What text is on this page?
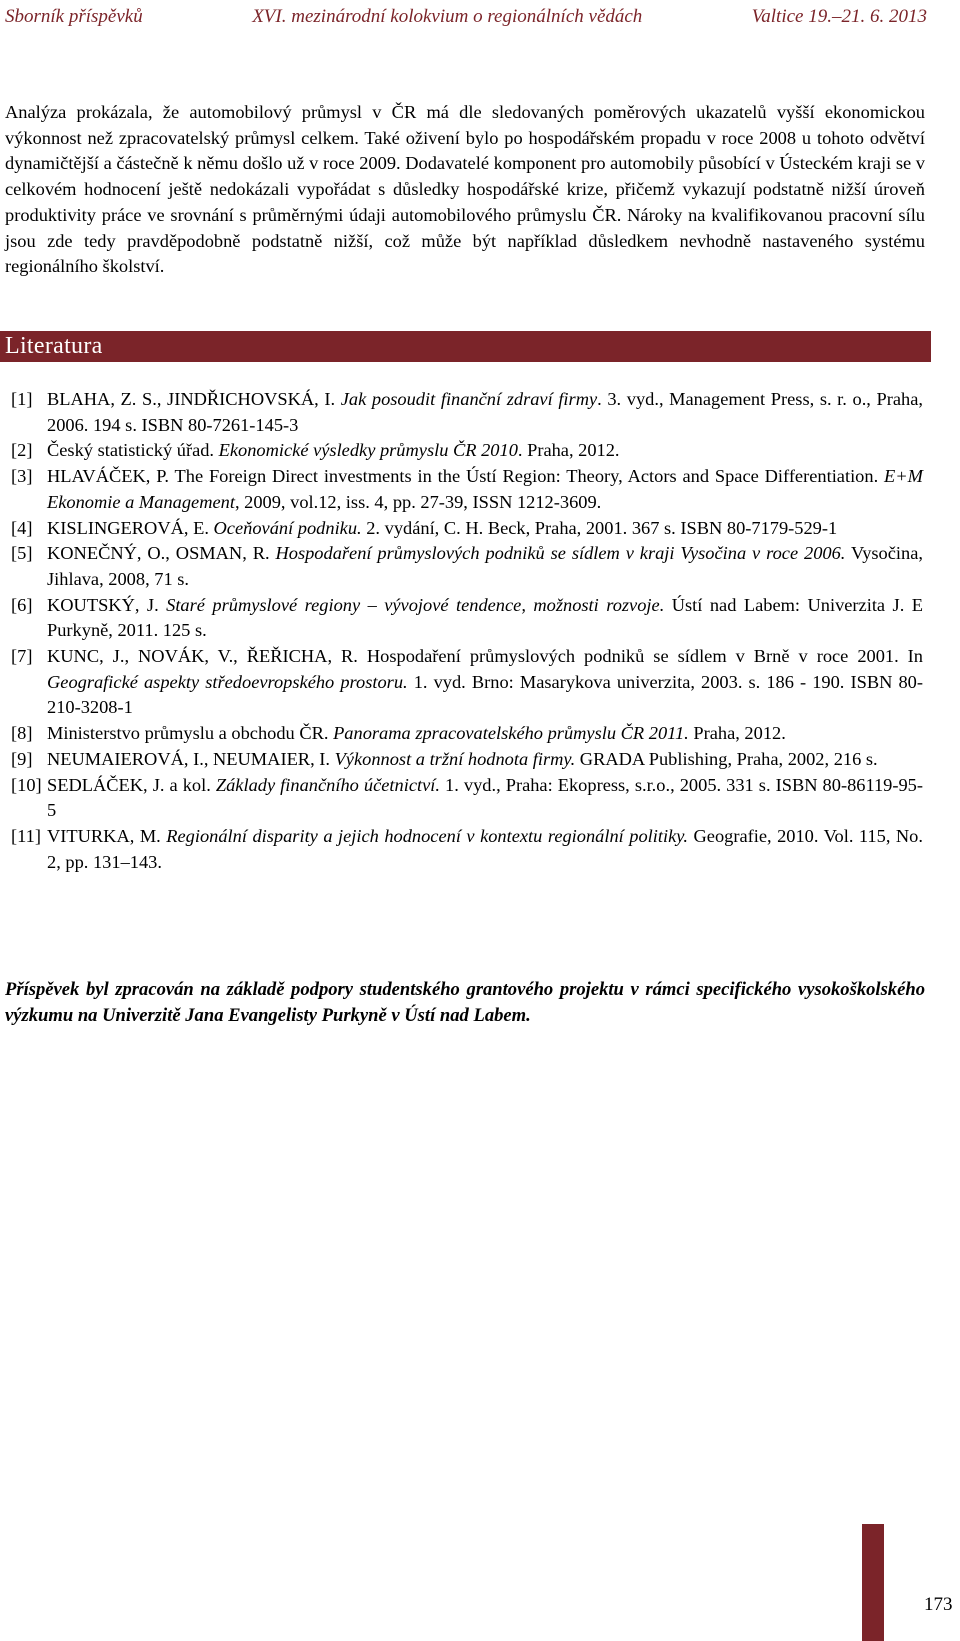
Sborník příspěvků	XVI. mezinárodní kolokvium o regionálních vědách	Valtice 19.–21. 6. 2013

Analýza prokázala, že automobilový průmysl v ČR má dle sledovaných poměrových ukazatelů vyšší ekonomickou výkonnost než zpracovatelský průmysl celkem. Také oživení bylo po hospodářském propadu v roce 2008 u tohoto odvětví dynamičtější a částečně k němu došlo už v roce 2009. Dodavatelé komponent pro automobily působící v Ústeckém kraji se v celkovém hodnocení ještě nedokázali vypořádat s důsledky hospodářské krize, přičemž vykazují podstatně nižší úroveň produktivity práce ve srovnání s průměrnými údaji automobilového průmyslu ČR. Nároky na kvalifikovanou pracovní sílu jsou zde tedy pravděpodobně podstatně nižší, což může být například důsledkem nevhodně nastaveného systému regionálního školství.

Literatura
[1] BLAHA, Z. S., JINDŘICHOVSKÁ, I. Jak posoudit finanční zdraví firmy. 3. vyd., Management Press, s. r. o., Praha, 2006. 194 s. ISBN 80-7261-145-3
[2] Český statistický úřad. Ekonomické výsledky průmyslu ČR 2010. Praha, 2012.
[3] HLAVÁČEK, P. The Foreign Direct investments in the Ústí Region: Theory, Actors and Space Differentiation. E+M Ekonomie a Management, 2009, vol.12, iss. 4, pp. 27-39, ISSN 1212-3609.
[4] KISLINGEROVÁ, E. Oceňování podniku. 2. vydání, C. H. Beck, Praha, 2001. 367 s. ISBN 80-7179-529-1
[5] KONEČNÝ, O., OSMAN, R. Hospodaření průmyslových podniků se sídlem v kraji Vysočina v roce 2006. Vysočina, Jihlava, 2008, 71 s.
[6] KOUTSKÝ, J. Staré průmyslové regiony – vývojové tendence, možnosti rozvoje. Ústí nad Labem: Univerzita J. E Purkyně, 2011. 125 s.
[7] KUNC, J., NOVÁK, V., ŘEŘICHA, R. Hospodaření průmyslových podniků se sídlem v Brně v roce 2001. In Geografické aspekty středoevropského prostoru. 1. vyd. Brno: Masarykova univerzita, 2003. s. 186 - 190. ISBN 80-210-3208-1
[8] Ministerstvo průmyslu a obchodu ČR. Panorama zpracovatelského průmyslu ČR 2011. Praha, 2012.
[9] NEUMAIEROVÁ, I., NEUMAIER, I. Výkonnost a tržní hodnota firmy. GRADA Publishing, Praha, 2002, 216 s.
[10] SEDLÁČEK, J. a kol. Základy finančního účetnictví. 1. vyd., Praha: Ekopress, s.r.o., 2005. 331 s. ISBN 80-86119-95-5
[11] VITURKA, M. Regionální disparity a jejich hodnocení v kontextu regionální politiky. Geografie, 2010. Vol. 115, No. 2, pp. 131–143.

Příspěvek byl zpracován na základě podpory studentského grantového projektu v rámci specifického vysokoškolského výzkumu na Univerzitě Jana Evangelisty Purkyně v Ústí nad Labem.

173
